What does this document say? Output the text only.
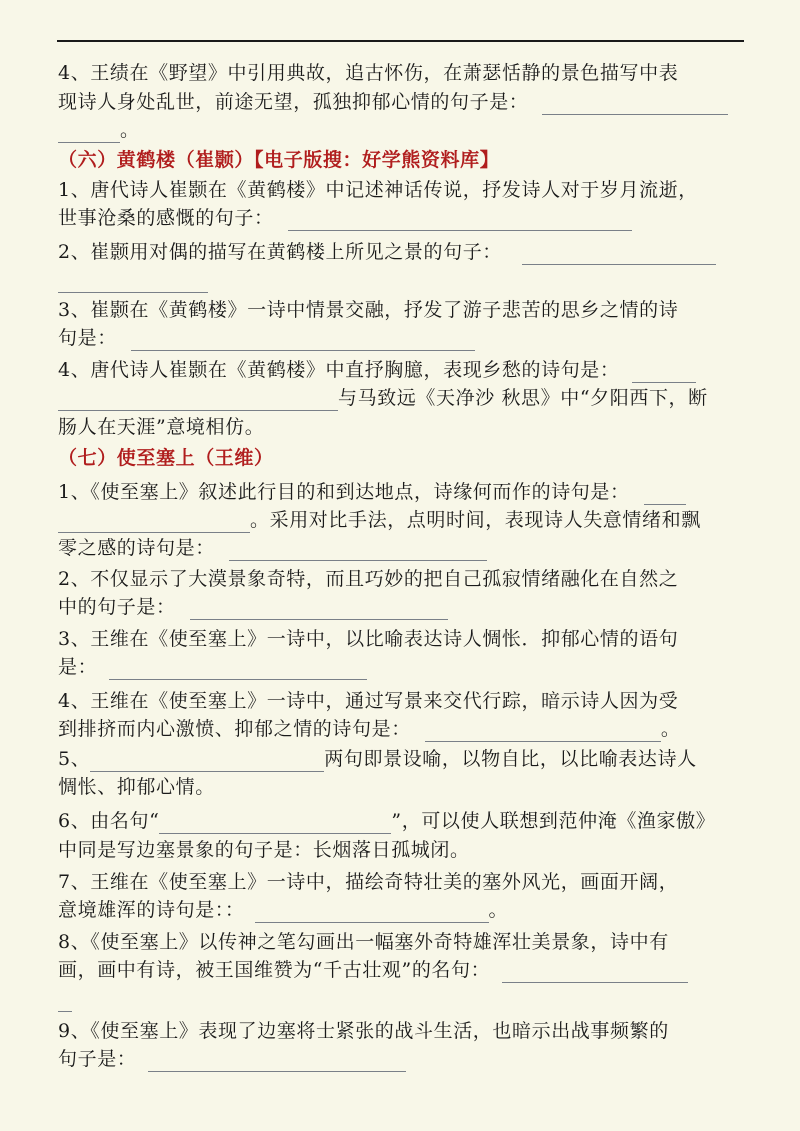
4、王绩在《野望》中引用典故，追古怀伤，在萧瑟恬静的景色描写中表
现诗人身处乱世，前途无望，孤独抑郁心情的句子是：
。
（六）黄鹤楼（崔颢）【电子版搜：好学熊资料库】
1、唐代诗人崔颢在《黄鹤楼》中记述神话传说，抒发诗人对于岁月流逝，
世事沧桑的感慨的句子：
2、崔颢用对偶的描写在黄鹤楼上所见之景的句子：
3、崔颢在《黄鹤楼》一诗中情景交融，抒发了游子悲苦的思乡之情的诗
句是：
4、唐代诗人崔颢在《黄鹤楼》中直抒胸臆，表现乡愁的诗句是：
与马致远《天净沙 秋思》中“夕阳西下，断
肠人在天涯”意境相仿。
（七）使至塞上（王维）
1、《使至塞上》叙述此行目的和到达地点，诗缘何而作的诗句是：
。采用对比手法，点明时间，表现诗人失意情绪和飘
零之感的诗句是：
2、不仅显示了大漠景象奇特，而且巧妙的把自己孤寂情绪融化在自然之
中的句子是：
3、王维在《使至塞上》一诗中，以比喻表达诗人惆怅．抑郁心情的语句
是：
4、王维在《使至塞上》一诗中，通过写景来交代行踪，暗示诗人因为受
到排挤而内心激愤、抑郁之情的诗句是：	。
5、	两句即景设喻，以物自比，以比喻表达诗人
惆怅、抑郁心情。
6、由名句“	”，可以使人联想到范仲淹《渔家傲》
中同是写边塞景象的句子是：长烟落日孤城闭。
7、王维在《使至塞上》一诗中，描绘奇特壮美的塞外风光，画面开阔，
意境雄浑的诗句是：：	。
8、《使至塞上》以传神之笔勾画出一幅塞外奇特雄浑壮美景象，诗中有
画，画中有诗，被王国维赞为“千古壮观”的名句：
9、《使至塞上》表现了边塞将士紧张的战斗生活，也暗示出战事频繁的
句子是：
